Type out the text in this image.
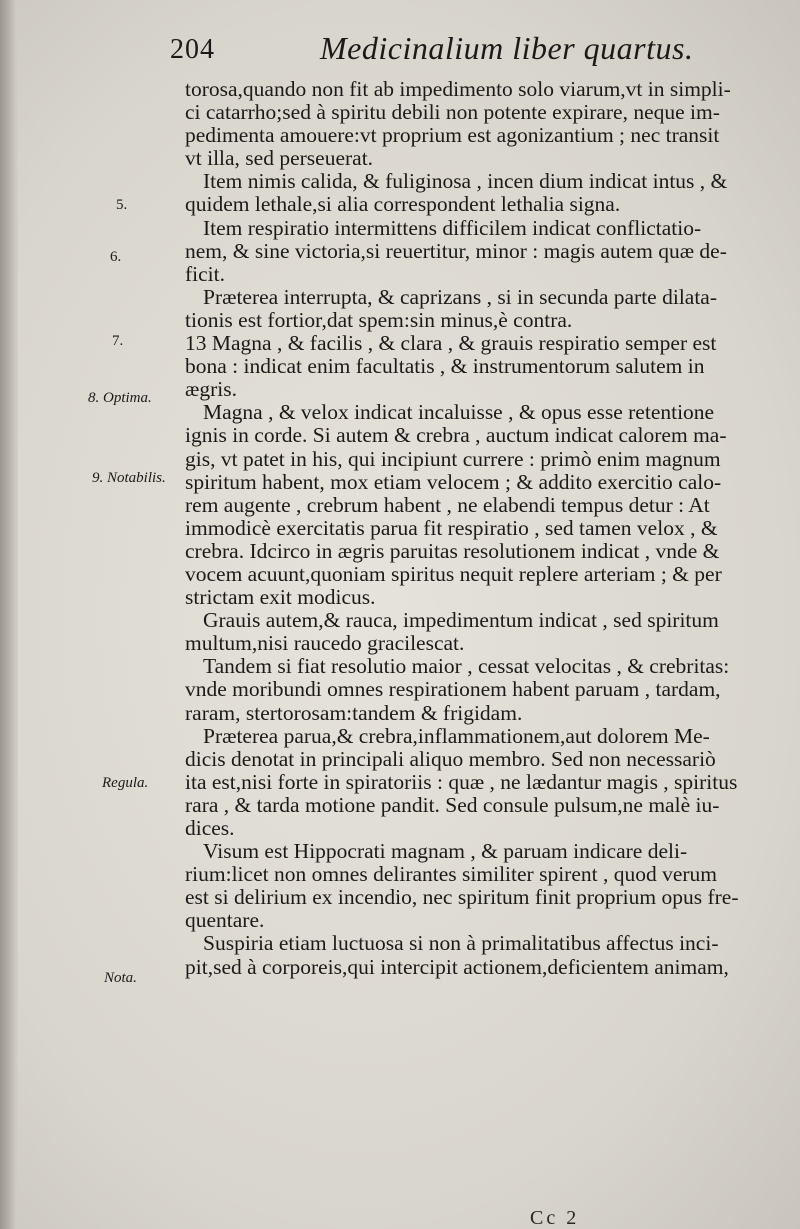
204	Medicinalium liber quartus.
5.
6.
7.
8. Optima.
9. Notabilis.
Regula.
Nota.
torosa,quando non fit ab impedimento solo viarum,vt in simpli-
ci catarrho;sed à spiritu debili non potente expirare, neque im-
pedimenta amouere:vt proprium est agonizantium ; nec transit
vt illa, sed perseuerat.
Item nimis calida, & fuliginosa , incen dium indicat intus , &
quidem lethale,si alia correspondent lethalia signa.
Item respiratio intermittens difficilem indicat conflictatio-
nem, & sine victoria,si reuertitur, minor : magis autem quæ de-
ficit.
Præterea interrupta, & caprizans , si in secunda parte dilata-
tionis est fortior,dat spem:sin minus,è contra.
13 Magna , & facilis , & clara , & grauis respiratio semper est
bona : indicat enim facultatis , & instrumentorum salutem in
ægris.
Magna , & velox indicat incaluisse , & opus esse retentione
ignis in corde. Si autem & crebra , auctum indicat calorem ma-
gis, vt patet in his, qui incipiunt currere : primò enim magnum
spiritum habent, mox etiam velocem ; & addito exercitio calo-
rem augente , crebrum habent , ne elabendi tempus detur : At
immodicè exercitatis parua fit respiratio , sed tamen velox , &
crebra. Idcirco in ægris paruitas resolutionem indicat , vnde &
vocem acuunt,quoniam spiritus nequit replere arteriam ; & per
strictam exit modicus.
Grauis autem,& rauca, impedimentum indicat , sed spiritum
multum,nisi raucedo gracilescat.
Tandem si fiat resolutio maior , cessat velocitas , & crebritas:
vnde moribundi omnes respirationem habent paruam , tardam,
raram, stertorosam:tandem & frigidam.
Præterea parua,& crebra,inflammationem,aut dolorem Me-
dicis denotat in principali aliquo membro. Sed non necessariò
ita est,nisi forte in spiratoriis : quæ , ne lædantur magis , spiritus
rara , & tarda motione pandit. Sed consule pulsum,ne malè iu-
dices.
Visum est Hippocrati magnam , & paruam indicare deli-
rium:licet non omnes delirantes similiter spirent , quod verum
est si delirium ex incendio, nec spiritum finit proprium opus fre-
quentare.
Suspiria etiam luctuosa si non à primalitatibus affectus inci-
pit,sed à corporeis,qui intercipit actionem,deficientem animam,
Cc 2
